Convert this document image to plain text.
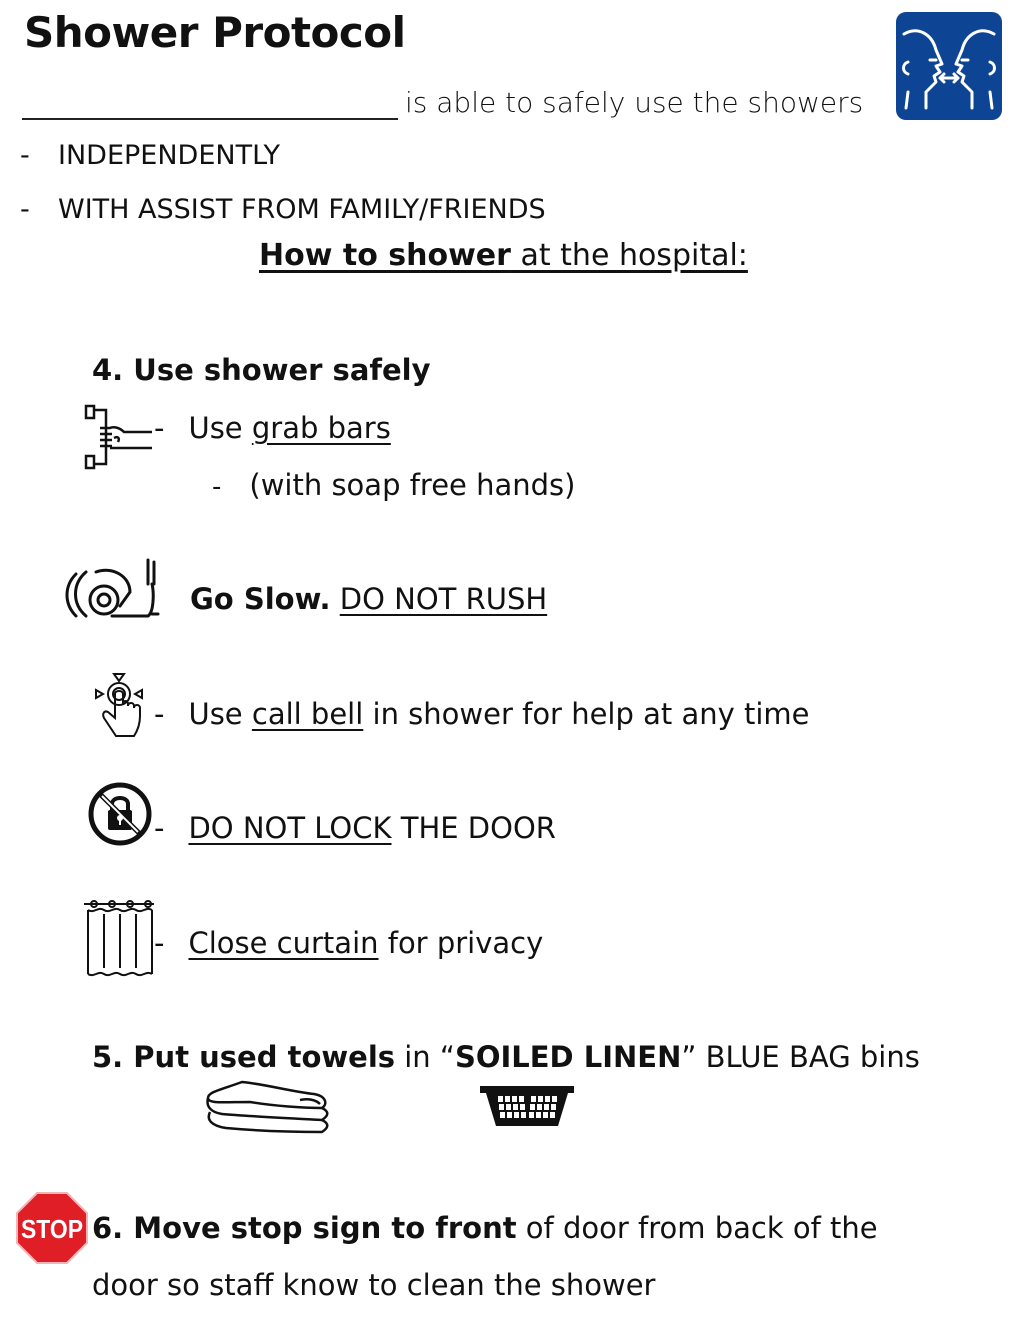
Shower Protocol
is able to safely use the showers
- INDEPENDENTLY
- WITH ASSIST FROM FAMILY/FRIENDS
How to shower at the hospital:
4. Use shower safely
- Use grab bars
- (with soap free hands)
Go Slow. DO NOT RUSH
- Use call bell in shower for help at any time
- DO NOT LOCK THE DOOR
- Close curtain for privacy
5. Put used towels in “SOILED LINEN” BLUE BAG bins
STOP 6. Move stop sign to front of door from back of the
door so staff know to clean the shower
